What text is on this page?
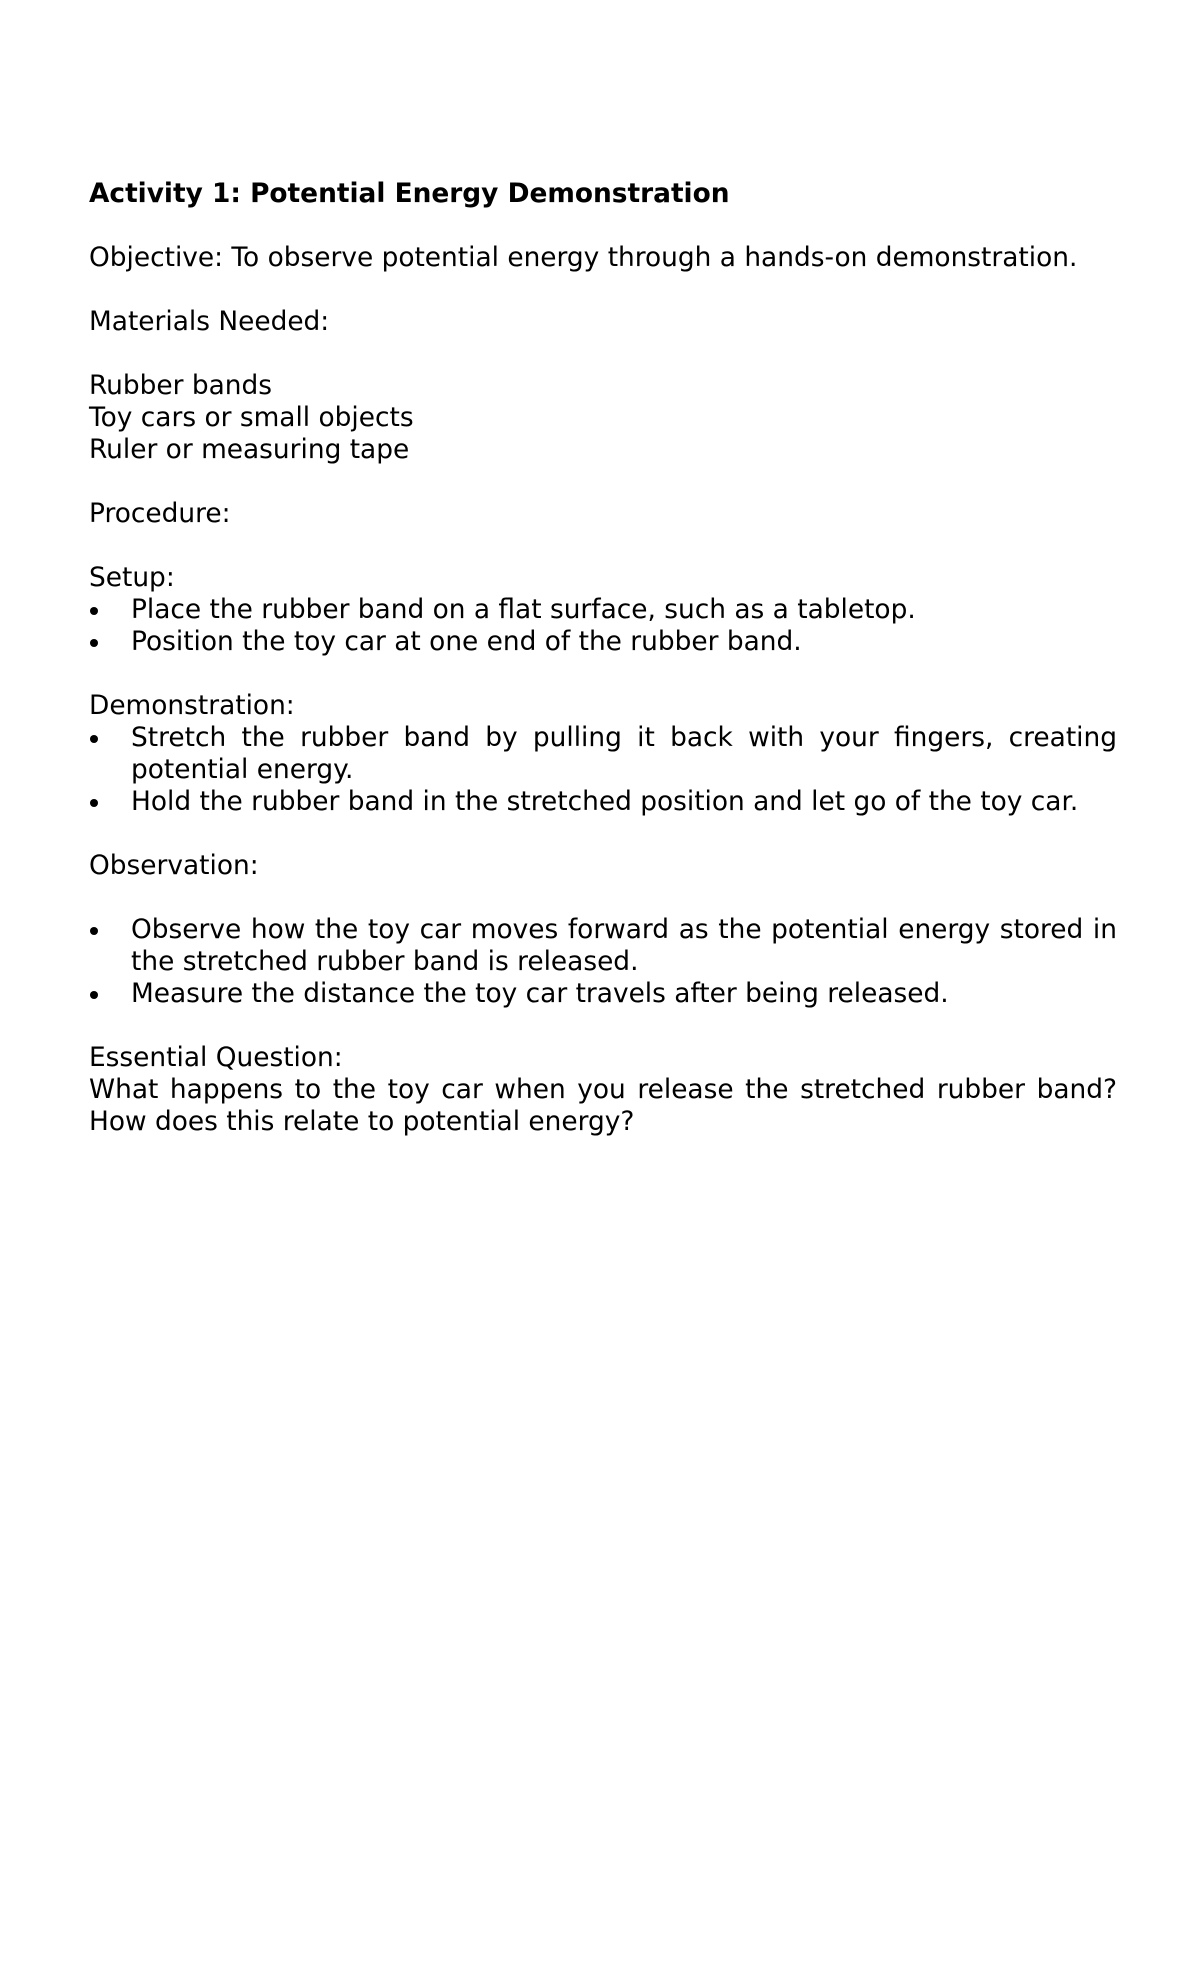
Activity 1: Potential Energy Demonstration

Objective: To observe potential energy through a hands-on demonstration.

Materials Needed:

Rubber bands
Toy cars or small objects
Ruler or measuring tape

Procedure:

Setup:

Place the rubber band on a flat surface, such as a tabletop.
Position the toy car at one end of the rubber band.

Demonstration:

Stretch the rubber band by pulling it back with your fingers, creating potential energy.
Hold the rubber band in the stretched position and let go of the toy car.

Observation:

Observe how the toy car moves forward as the potential energy stored in the stretched rubber band is released.
Measure the distance the toy car travels after being released.

Essential Question:

What happens to the toy car when you release the stretched rubber band? How does this relate to potential energy?
